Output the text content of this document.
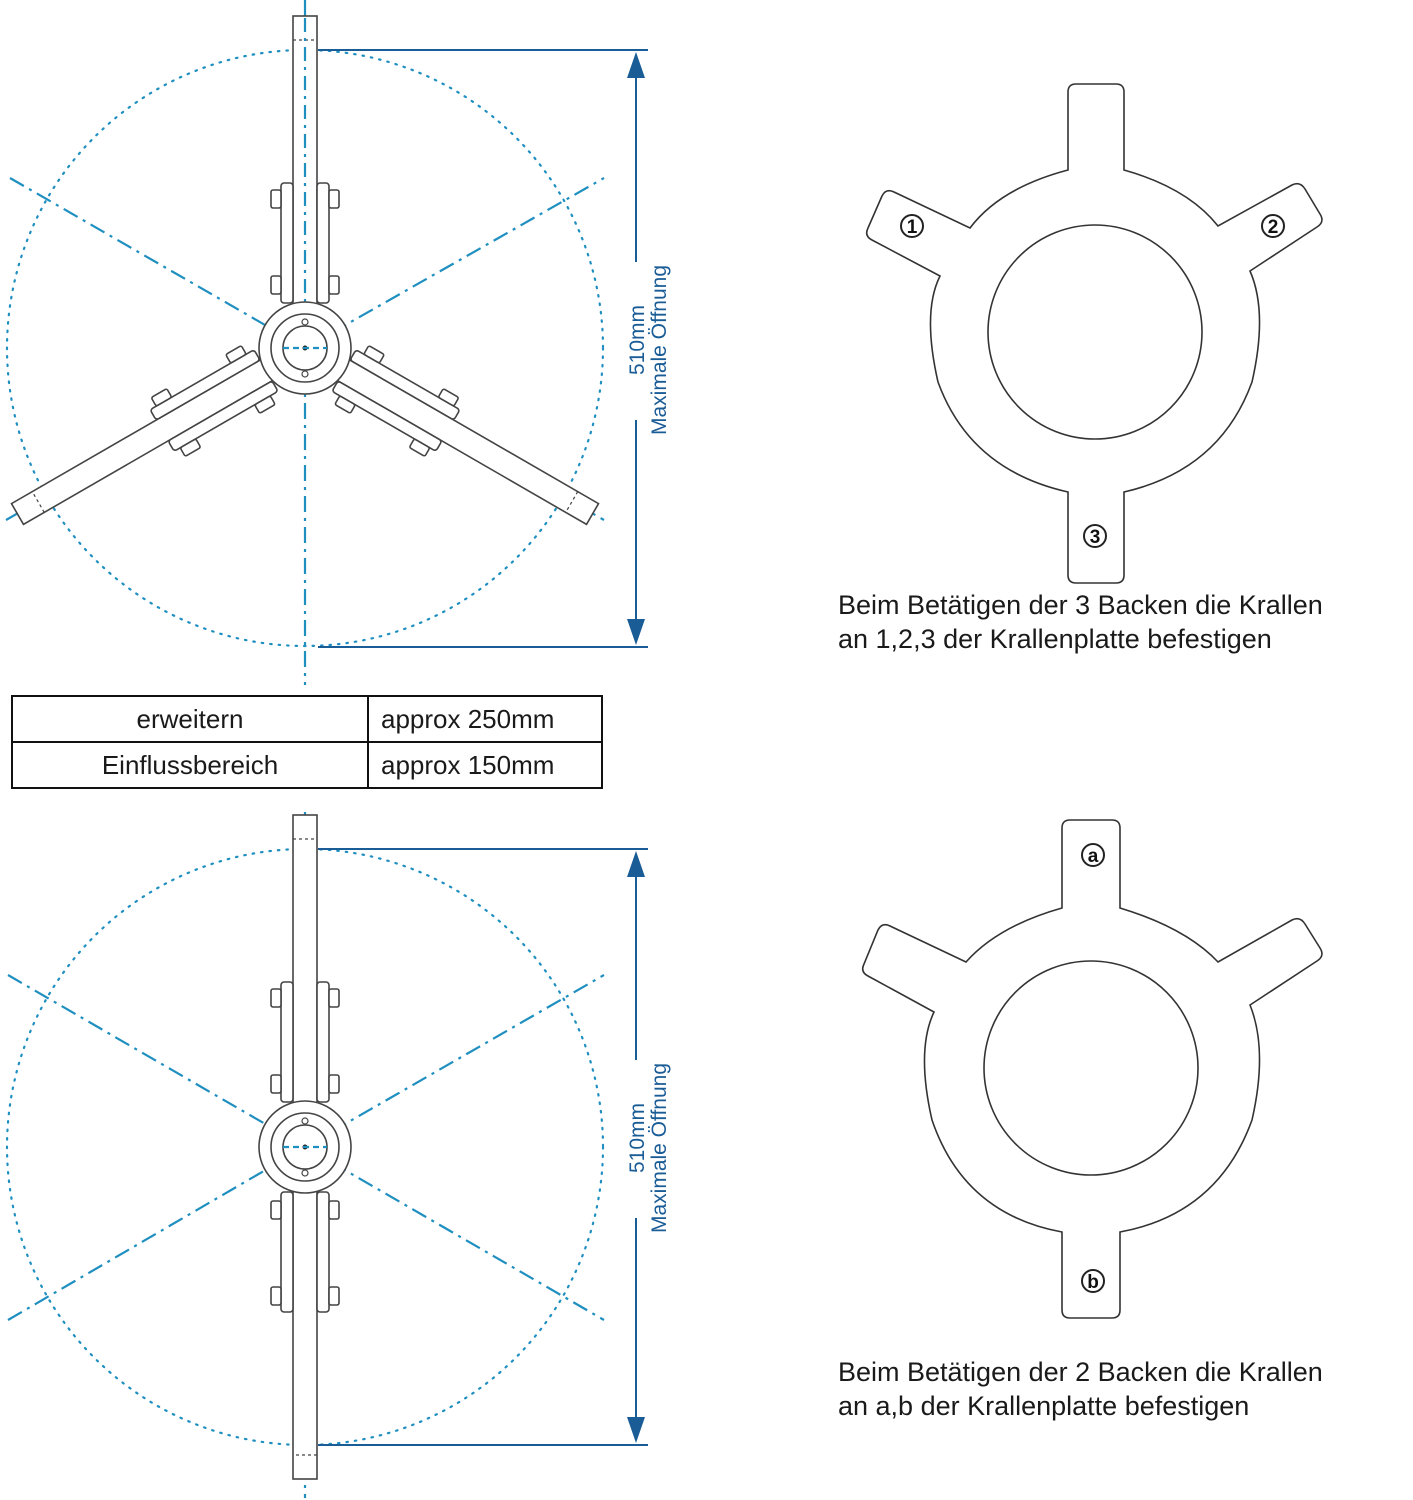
510mm Maximale Öffnung
510mm Maximale Öffnung
1	2
3
a
b
erweitern	approx 250mm
Einflussbereich	approx 150mm
Beim Betätigen der 3 Backen die Krallen
an 1,2,3 der Krallenplatte befestigen
Beim Betätigen der 2 Backen die Krallen
an a,b der Krallenplatte befestigen
